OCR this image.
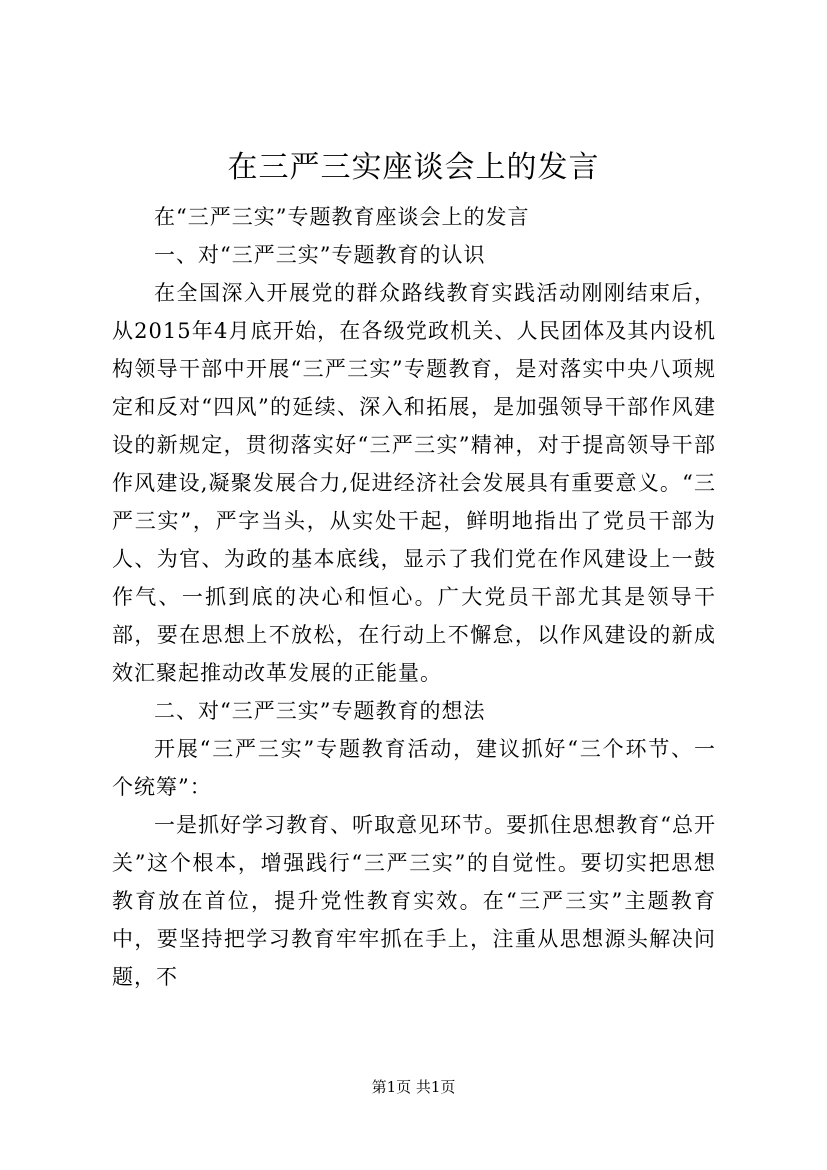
在三严三实座谈会上的发言

在“三严三实”专题教育座谈会上的发言

一、对“三严三实”专题教育的认识

在全国深入开展党的群众路线教育实践活动刚刚结束后，从2015年4月底开始，在各级党政机关、人民团体及其内设机构领导干部中开展“三严三实”专题教育，是对落实中央八项规定和反对“四风”的延续、深入和拓展，是加强领导干部作风建设的新规定，贯彻落实好“三严三实”精神，对于提高领导干部作风建设,凝聚发展合力,促进经济社会发展具有重要意义。“三严三实”，严字当头，从实处干起，鲜明地指出了党员干部为人、为官、为政的基本底线，显示了我们党在作风建设上一鼓作气、一抓到底的决心和恒心。广大党员干部尤其是领导干部，要在思想上不放松，在行动上不懈怠，以作风建设的新成效汇聚起推动改革发展的正能量。

二、对“三严三实”专题教育的想法

开展“三严三实”专题教育活动，建议抓好“三个环节、一个统筹”：

一是抓好学习教育、听取意见环节。要抓住思想教育“总开关”这个根本，增强践行“三严三实”的自觉性。要切实把思想教育放在首位，提升党性教育实效。在“三严三实”主题教育中，要坚持把学习教育牢牢抓在手上，注重从思想源头解决问题，不

第1页 共1页
